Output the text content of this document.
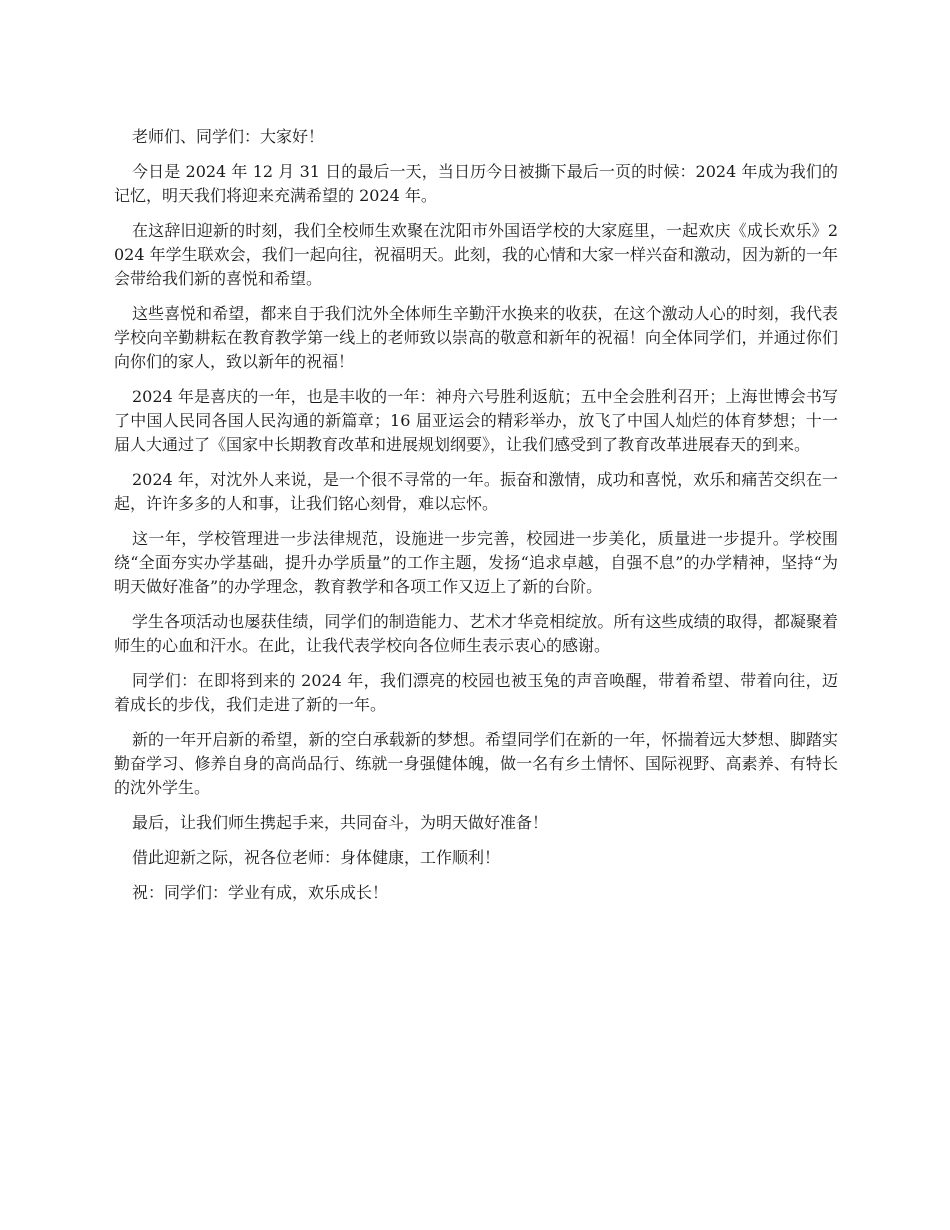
老师们、同学们：大家好！

今日是 2024 年 12 月 31 日的最后一天，当日历今日被撕下最后一页的时候：2024 年成为我们的记忆，明天我们将迎来充满希望的 2024 年。

在这辞旧迎新的时刻，我们全校师生欢聚在沈阳市外国语学校的大家庭里，一起欢庆《成长欢乐》2024 年学生联欢会，我们一起向往，祝福明天。此刻，我的心情和大家一样兴奋和激动，因为新的一年会带给我们新的喜悦和希望。

这些喜悦和希望，都来自于我们沈外全体师生辛勤汗水换来的收获，在这个激动人心的时刻，我代表学校向辛勤耕耘在教育教学第一线上的老师致以崇高的敬意和新年的祝福！向全体同学们，并通过你们向你们的家人，致以新年的祝福！

2024 年是喜庆的一年，也是丰收的一年：神舟六号胜利返航；五中全会胜利召开；上海世博会书写了中国人民同各国人民沟通的新篇章；16 届亚运会的精彩举办，放飞了中国人灿烂的体育梦想；十一届人大通过了《国家中长期教育改革和进展规划纲要》，让我们感受到了教育改革进展春天的到来。

2024 年，对沈外人来说，是一个很不寻常的一年。振奋和激情，成功和喜悦，欢乐和痛苦交织在一起，许许多多的人和事，让我们铭心刻骨，难以忘怀。

这一年，学校管理进一步法律规范，设施进一步完善，校园进一步美化，质量进一步提升。学校围绕“全面夯实办学基础，提升办学质量”的工作主题，发扬“追求卓越，自强不息”的办学精神，坚持“为明天做好准备”的办学理念，教育教学和各项工作又迈上了新的台阶。

学生各项活动也屡获佳绩，同学们的制造能力、艺术才华竞相绽放。所有这些成绩的取得，都凝聚着师生的心血和汗水。在此，让我代表学校向各位师生表示衷心的感谢。

同学们：在即将到来的 2024 年，我们漂亮的校园也被玉兔的声音唤醒，带着希望、带着向往，迈着成长的步伐，我们走进了新的一年。

新的一年开启新的希望，新的空白承载新的梦想。希望同学们在新的一年，怀揣着远大梦想、脚踏实勤奋学习、修养自身的高尚品行、练就一身强健体魄，做一名有乡土情怀、国际视野、高素养、有特长的沈外学生。

最后，让我们师生携起手来，共同奋斗，为明天做好准备！

借此迎新之际，祝各位老师：身体健康，工作顺利！

祝：同学们：学业有成，欢乐成长！
